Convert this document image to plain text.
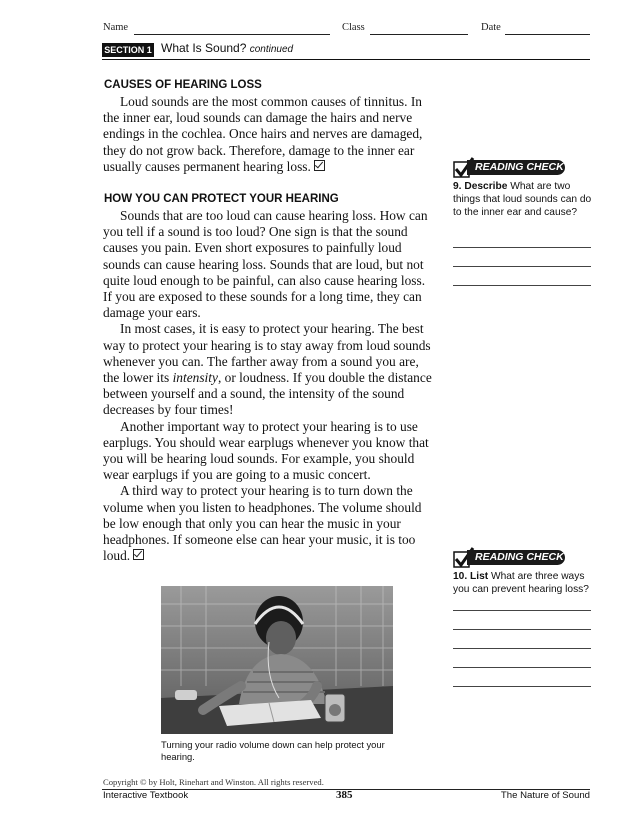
Name	Class	Date
SECTION 1 What Is Sound? continued
CAUSES OF HEARING LOSS

Loud sounds are the most common causes of tinnitus. In the inner ear, loud sounds can damage the hairs and nerve endings in the cochlea. Once hairs and nerves are damaged, they do not grow back. Therefore, damage to the inner ear usually causes permanent hearing loss.

HOW YOU CAN PROTECT YOUR HEARING

Sounds that are too loud can cause hearing loss. How can you tell if a sound is too loud? One sign is that the sound causes you pain. Even short exposures to painfully loud sounds can cause hearing loss. Sounds that are loud, but not quite loud enough to be painful, can also cause hearing loss. If you are exposed to these sounds for a long time, they can damage your ears.

In most cases, it is easy to protect your hearing. The best way to protect your hearing is to stay away from loud sounds whenever you can. The farther away from a sound you are, the lower its intensity, or loudness. If you double the distance between yourself and a sound, the intensity of the sound decreases by four times!

Another important way to protect your hearing is to use earplugs. You should wear earplugs whenever you know that you will be hearing loud sounds. For example, you should wear earplugs if you are going to a music concert.

A third way to protect your hearing is to turn down the volume when you listen to headphones. The volume should be low enough that only you can hear the music in your headphones. If someone else can hear your music, it is too loud.

READING CHECK
9. Describe What are two things that loud sounds can do to the inner ear and cause?
READING CHECK
10. List What are three ways you can prevent hearing loss?
Turning your radio volume down can help protect your hearing.
Copyright © by Holt, Rinehart and Winston. All rights reserved.
Interactive Textbook	385	The Nature of Sound
